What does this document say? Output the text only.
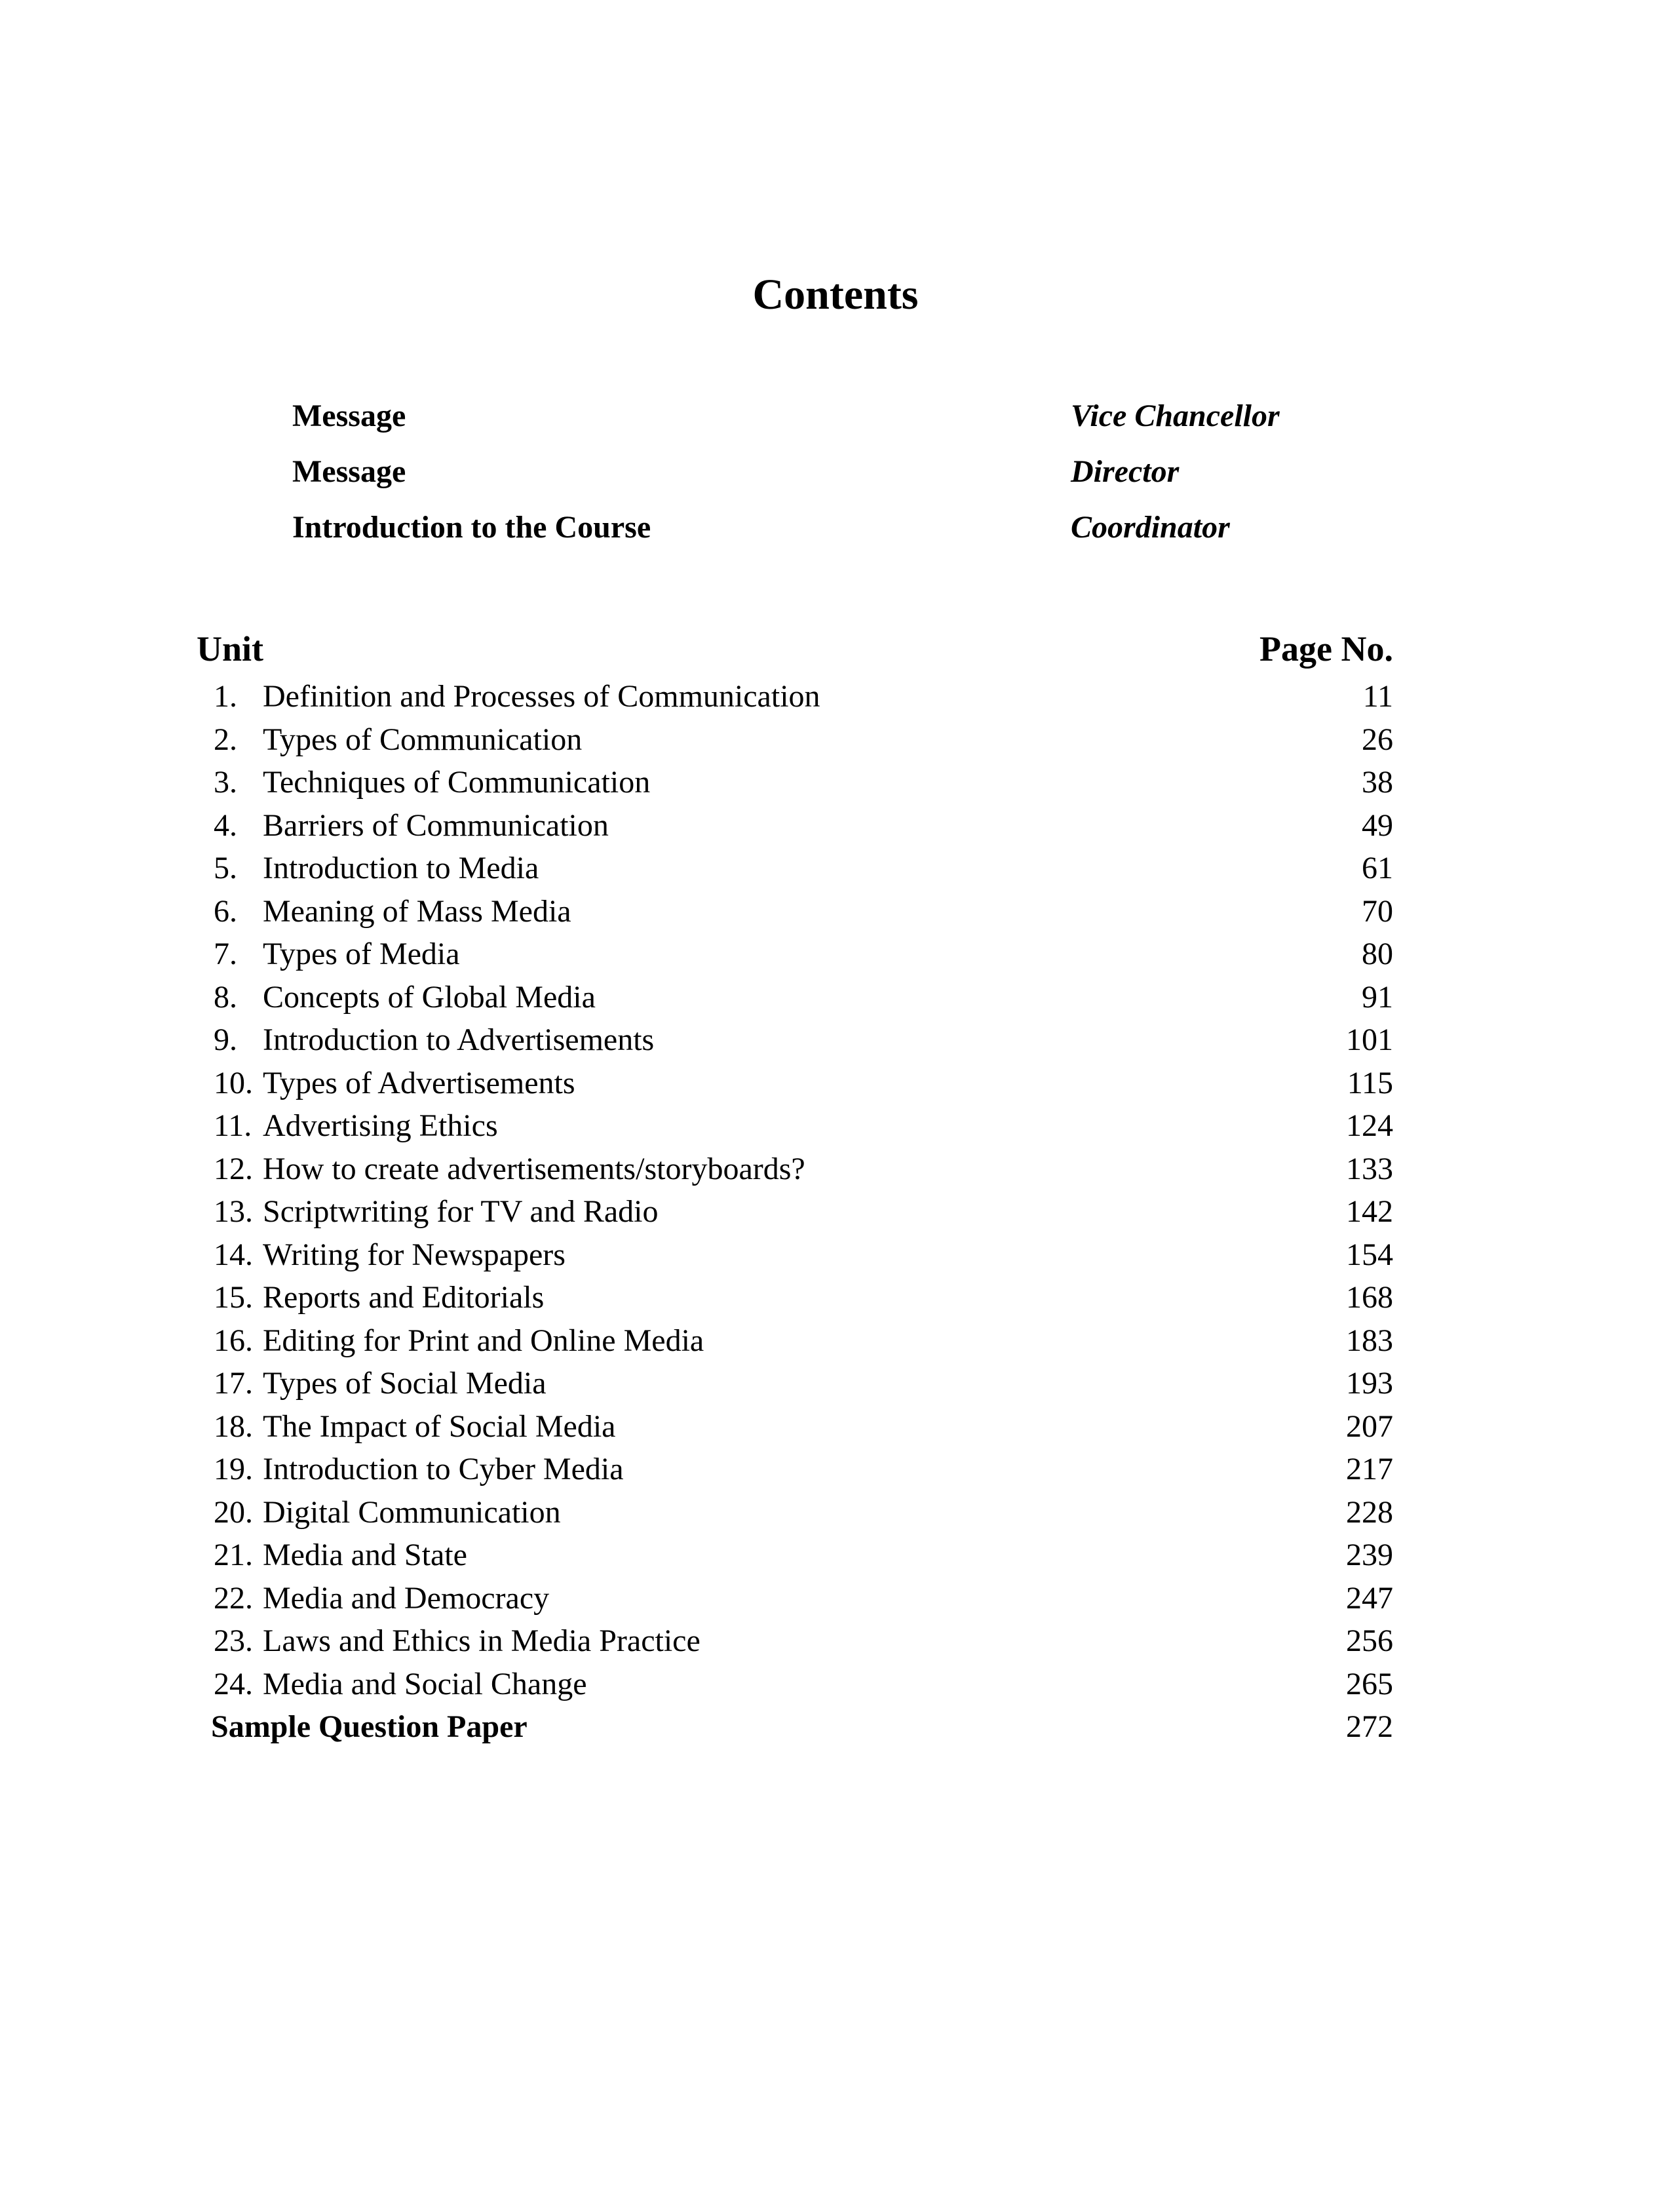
Contents
Message	Vice Chancellor
Message	Director
Introduction to the Course	Coordinator
Unit	Page No.
1. Definition and Processes of Communication	11
2. Types of Communication	26
3. Techniques of Communication	38
4. Barriers of Communication	49
5. Introduction to Media	61
6. Meaning of Mass Media	70
7. Types of Media	80
8. Concepts of Global Media	91
9. Introduction to Advertisements	101
10. Types of Advertisements	115
11. Advertising Ethics	124
12. How to create advertisements/storyboards?	133
13. Scriptwriting for TV and Radio	142
14. Writing for Newspapers	154
15. Reports and Editorials	168
16. Editing for Print and Online Media	183
17. Types of Social Media	193
18. The Impact of Social Media	207
19. Introduction to Cyber Media	217
20. Digital Communication	228
21. Media and State	239
22. Media and Democracy	247
23. Laws and Ethics in Media Practice	256
24. Media and Social Change	265
Sample Question Paper	272
